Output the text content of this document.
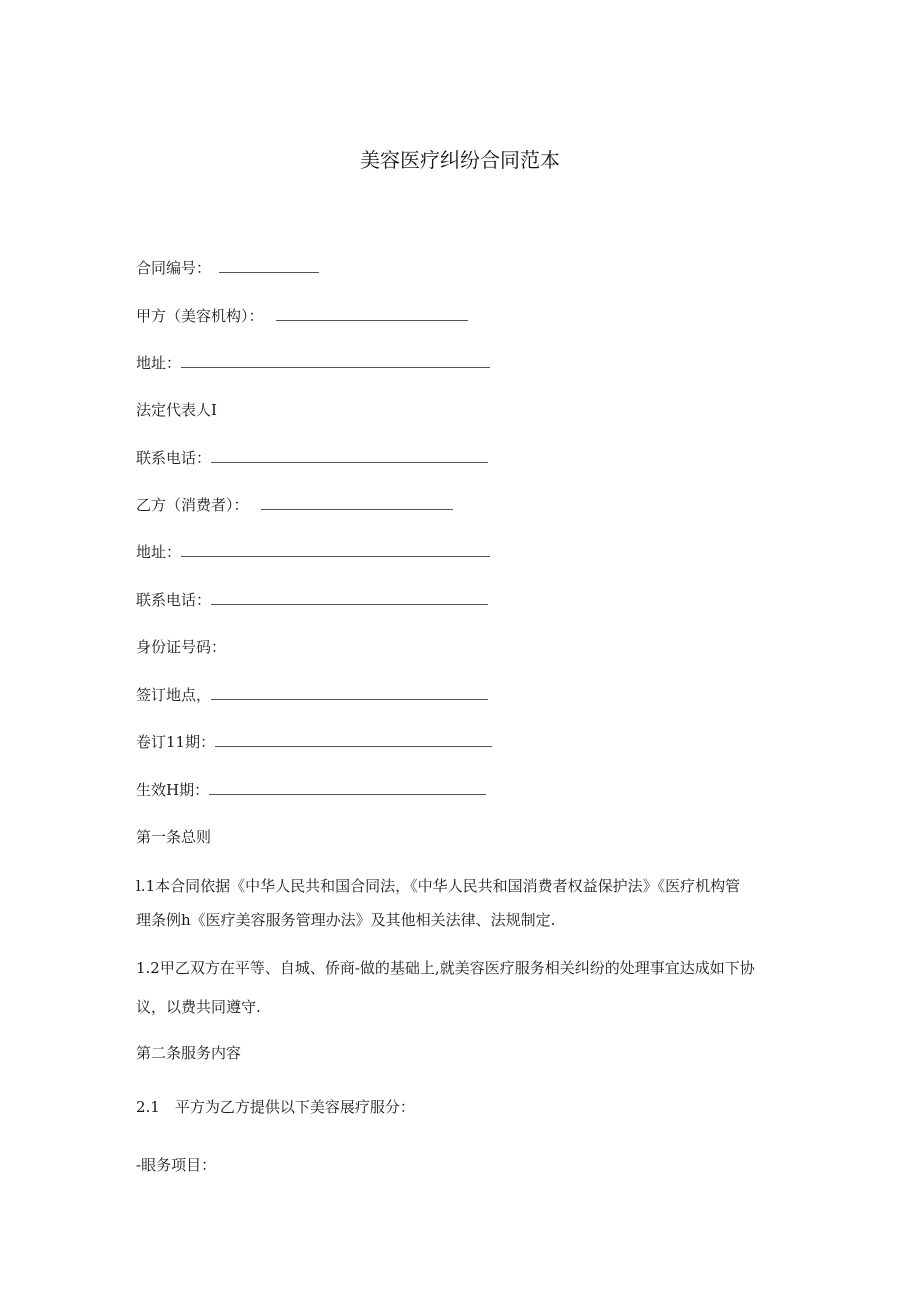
美容医疗纠纷合同范本
合同编号：
甲方（美容机构）：
地址：
法定代表人I
联系电话：
乙方（消费者）：
地址：
联系电话：
身份证号码：
签订地点，
卷订11期：
生效H期：
第一条总则
l.1本合同依据《中华人民共和国合同法，《中华人民共和国消费者权益保护法》《医疗机构管
理条例h《医疗美容服务管理办法》及其他相关法律、法规制定.
1.2甲乙双方在平等、自城、侨商-做的基础上,就美容医疗服务相关纠纷的处理事宜达成如下协
议，以费共同遵守.
第二条服务内容
2.1　平方为乙方提供以下美容展疗服分：
-眼务项目：
